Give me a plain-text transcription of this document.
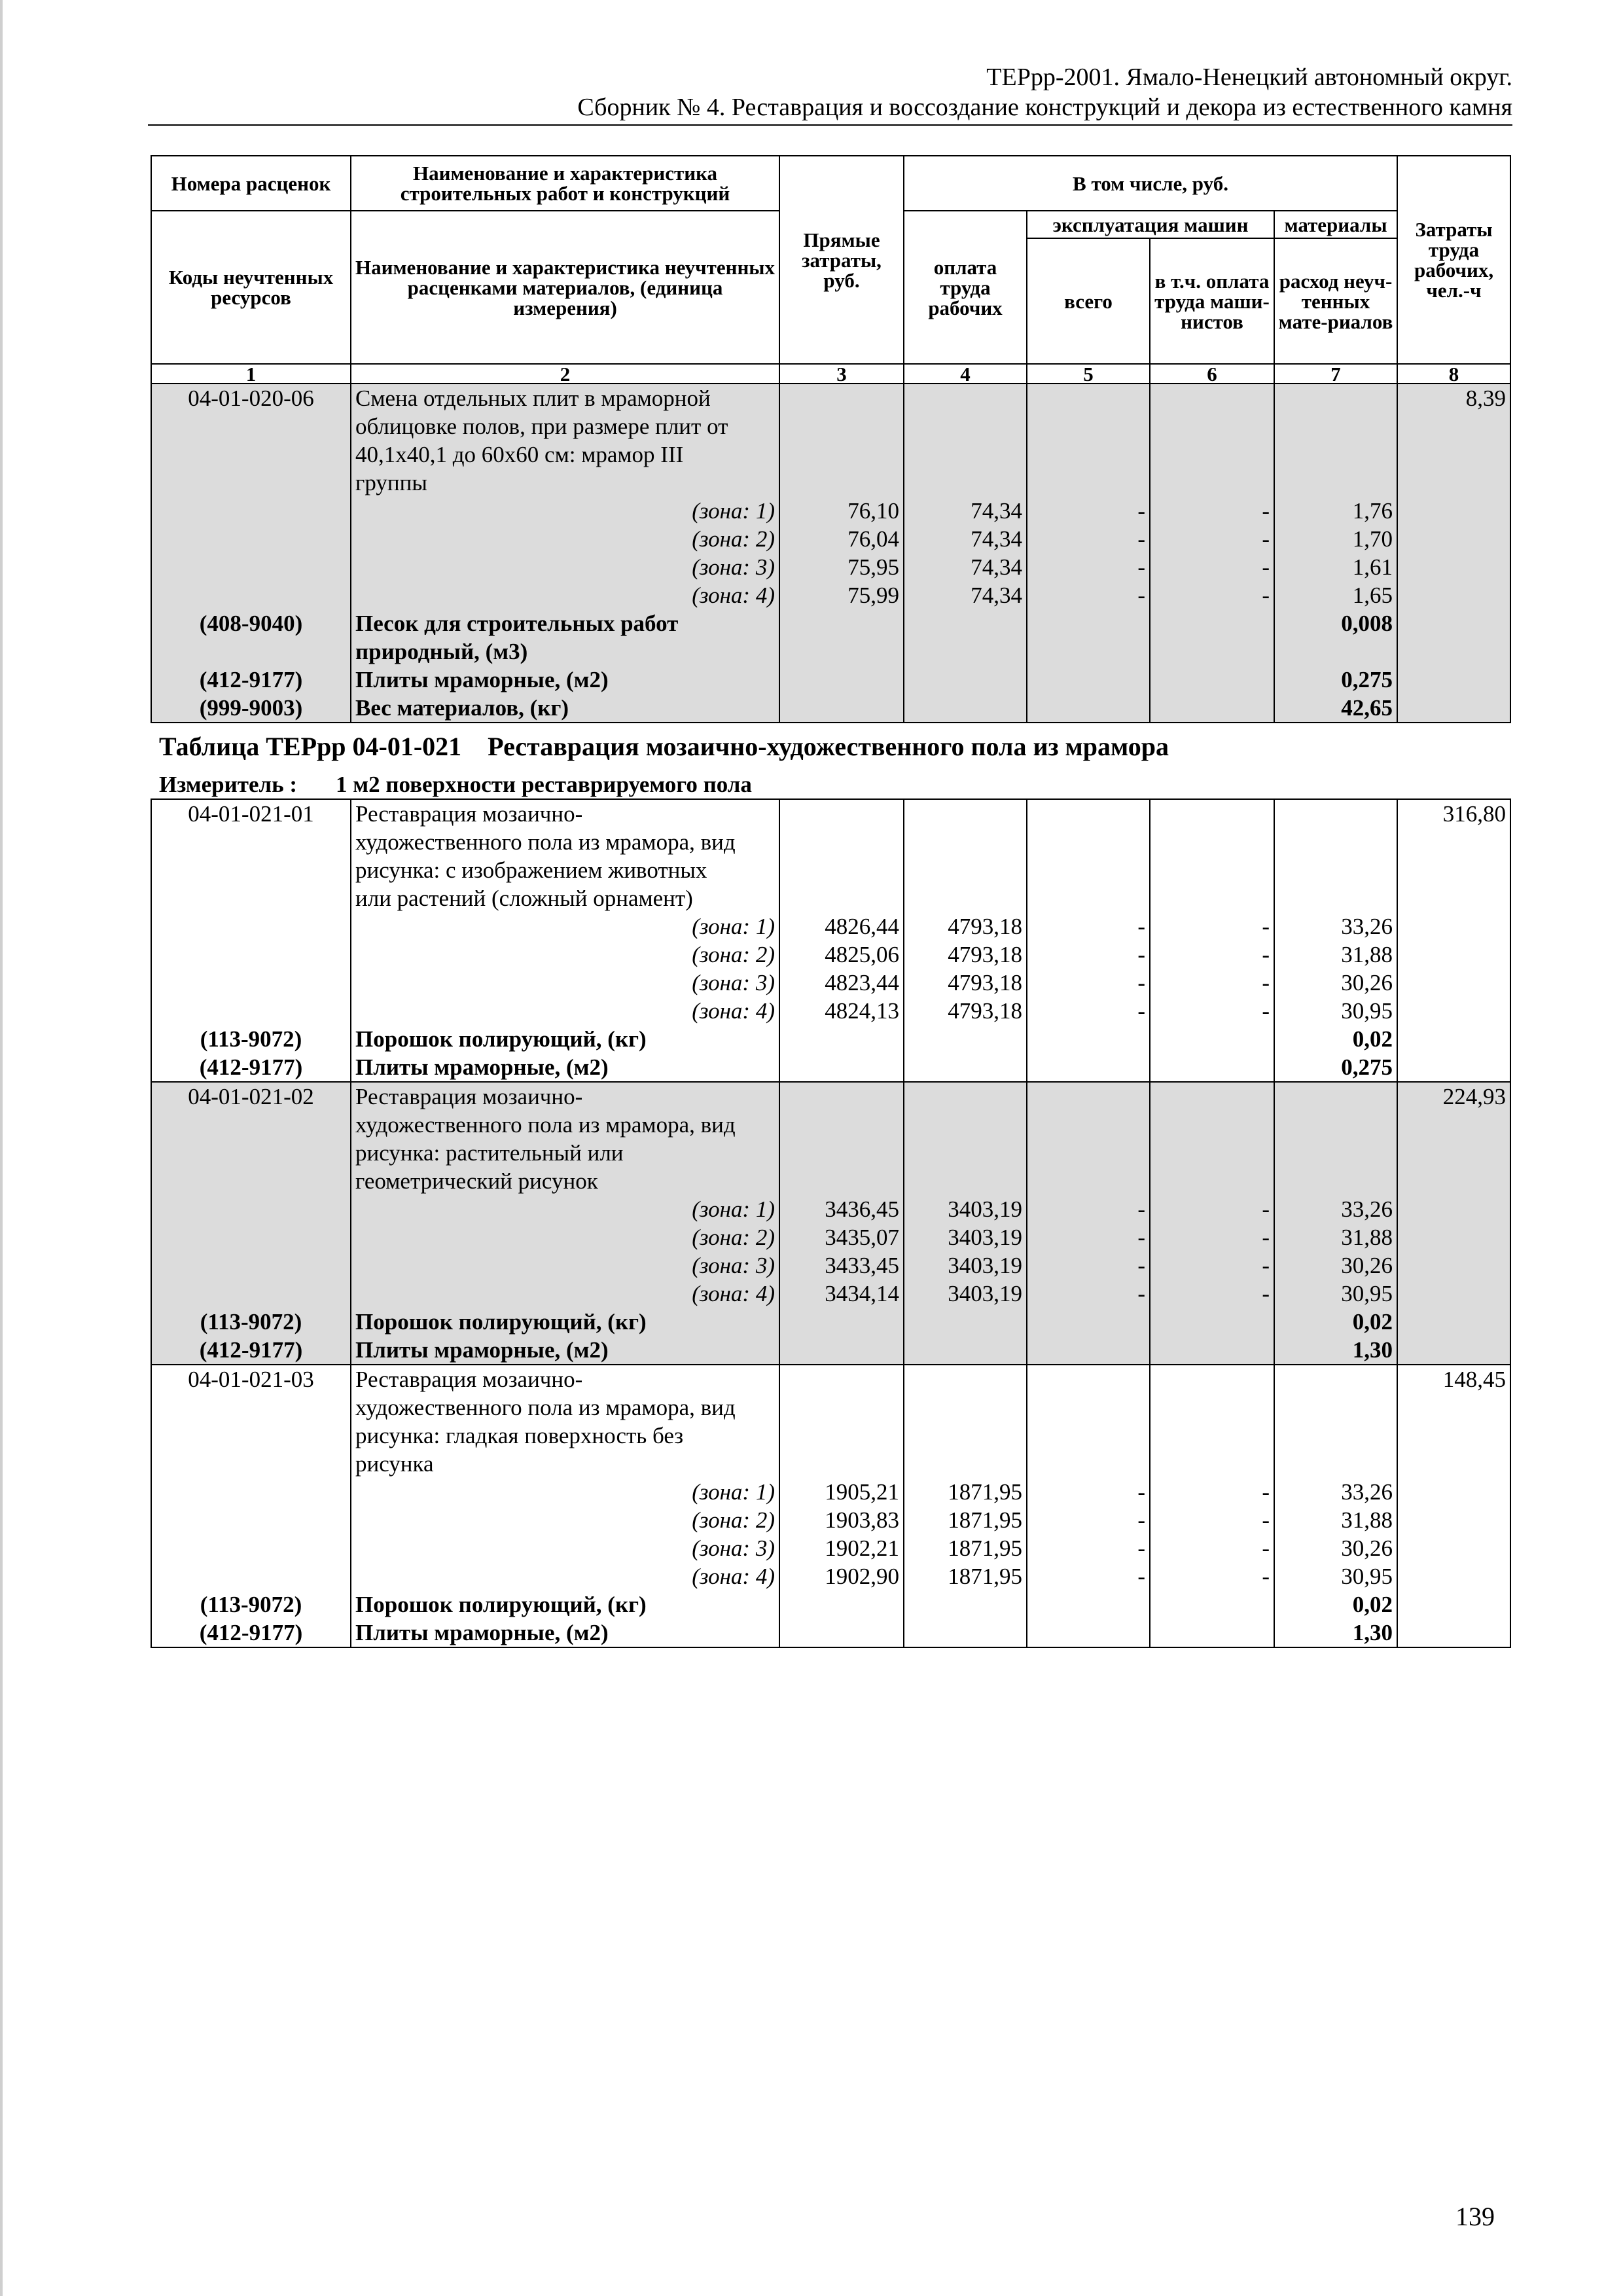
ТЕРрр-2001. Ямало-Ненецкий автономный округ.
Сборник № 4. Реставрация и воссоздание конструкций и декора из естественного камня
Номера расценок	Наименование и характеристика строительных работ и конструкций	Прямые затраты, руб.	В том числе, руб.				Затраты труда рабочих, чел.-ч
Коды неучтенных ресурсов	Наименование и характеристика неучтенных расценками материалов, (единица измерения)		оплата труда рабочих	эксплуатация машин		материалы	
				всего	в т.ч. оплата труда маши-нистов	расход неуч-тенных мате-риалов	
1	2	3	4	5	6	7	8
04-01-020-06	Смена отдельных плит в мраморной
облицовке полов, при размере плит от
40,1х40,1 до 60х60 см: мрамор III
группы						8,39
	(зона: 1)	76,10	74,34	-	-	1,76	
	(зона: 2)	76,04	74,34	-	-	1,70	
	(зона: 3)	75,95	74,34	-	-	1,61	
	(зона: 4)	75,99	74,34	-	-	1,65	
(408-9040)	Песок для строительных работ
природный, (м3)					0,008	
(412-9177)	Плиты мраморные, (м2)					0,275	
(999-9003)	Вес материалов, (кг)					42,65	
Таблица ТЕРрр 04-01-021 Реставрация мозаично-художественного пола из мрамора
Измеритель : 1 м2 поверхности реставрируемого пола
04-01-021-01	Реставрация мозаично-
художественного пола из мрамора, вид
рисунка: с изображением животных
или растений (сложный орнамент)						316,80
	(зона: 1)	4826,44	4793,18	-	-	33,26	
	(зона: 2)	4825,06	4793,18	-	-	31,88	
	(зона: 3)	4823,44	4793,18	-	-	30,26	
	(зона: 4)	4824,13	4793,18	-	-	30,95	
(113-9072)	Порошок полирующий, (кг)					0,02	
(412-9177)	Плиты мраморные, (м2)					0,275	
04-01-021-02	Реставрация мозаично-
художественного пола из мрамора, вид
рисунка: растительный или
геометрический рисунок						224,93
	(зона: 1)	3436,45	3403,19	-	-	33,26	
	(зона: 2)	3435,07	3403,19	-	-	31,88	
	(зона: 3)	3433,45	3403,19	-	-	30,26	
	(зона: 4)	3434,14	3403,19	-	-	30,95	
(113-9072)	Порошок полирующий, (кг)					0,02	
(412-9177)	Плиты мраморные, (м2)					1,30	
04-01-021-03	Реставрация мозаично-
художественного пола из мрамора, вид
рисунка: гладкая поверхность без
рисунка						148,45
	(зона: 1)	1905,21	1871,95	-	-	33,26	
	(зона: 2)	1903,83	1871,95	-	-	31,88	
	(зона: 3)	1902,21	1871,95	-	-	30,26	
	(зона: 4)	1902,90	1871,95	-	-	30,95	
(113-9072)	Порошок полирующий, (кг)					0,02	
(412-9177)	Плиты мраморные, (м2)					1,30	
139
